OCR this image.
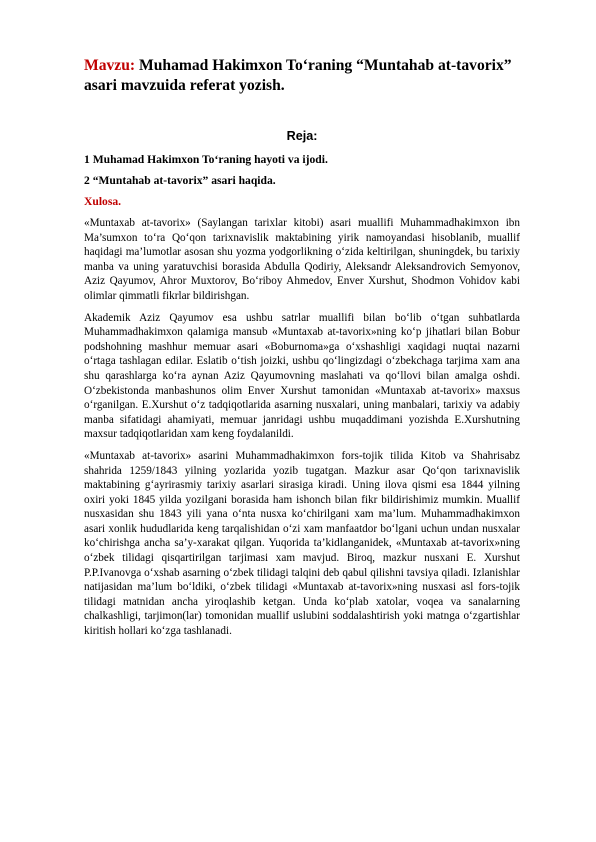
Mavzu: Muhamad Hakimxon To‘raning “Muntahab at-tavorix” asari mavzuida referat yozish.

Reja:
1 Muhamad Hakimxon To‘raning hayoti va ijodi.
2 “Muntahab at-tavorix” asari haqida.
Xulosa.

«Muntaxab at-tavorix» (Saylangan tarixlar kitobi) asari muallifi Muhammadhakimxon ibn Ma’sumxon to‘ra Qo‘qon tarixnavislik maktabining yirik namoyandasi hisoblanib, muallif haqidagi ma’lumotlar asosan shu yozma yodgorlikning o‘zida keltirilgan, shuningdek, bu tarixiy manba va uning yaratuvchisi borasida Abdulla Qodiriy, Aleksandr Aleksandrovich Semyonov, Aziz Qayumov, Ahror Muxtorov, Bo‘riboy Ahmedov, Enver Xurshut, Shodmon Vohidov kabi olimlar qimmatli fikrlar bildirishgan.

Akademik Aziz Qayumov esa ushbu satrlar muallifi bilan bo‘lib o‘tgan suhbatlarda Muhammadhakimxon qalamiga mansub «Muntaxab at-tavorix»ning ko‘p jihatlari bilan Bobur podshohning mashhur memuar asari «Boburnoma»ga o‘xshashligi xaqidagi nuqtai nazarni o‘rtaga tashlagan edilar. Eslatib o‘tish joizki, ushbu qo‘lingizdagi o‘zbekchaga tarjima xam ana shu qarashlarga ko‘ra aynan Aziz Qayumovning maslahati va qo‘llovi bilan amalga oshdi. O‘zbekistonda manbashunos olim Enver Xurshut tamonidan «Muntaxab at-tavorix» maxsus o‘rganilgan. E.Xurshut o‘z tadqiqotlarida asarning nusxalari, uning manbalari, tarixiy va adabiy manba sifatidagi ahamiyati, memuar janridagi ushbu muqaddimani yozishda E.Xurshutning maxsur tadqiqotlaridan xam keng foydalanildi.

«Muntaxab at-tavorix» asarini Muhammadhakimxon fors-tojik tilida Kitob va Shahrisabz shahrida 1259/1843 yilning yozlarida yozib tugatgan. Mazkur asar Qo‘qon tarixnavislik maktabining g‘ayrirasmiy tarixiy asarlari sirasiga kiradi. Uning ilova qismi esa 1844 yilning oxiri yoki 1845 yilda yozilgani borasida ham ishonch bilan fikr bildirishimiz mumkin. Muallif nusxasidan shu 1843 yili yana o‘nta nusxa ko‘chirilgani xam ma’lum. Muhammadhakimxon asari xonlik hududlarida keng tarqalishidan o‘zi xam manfaatdor bo‘lgani uchun undan nusxalar ko‘chirishga ancha sa’y-xarakat qilgan. Yuqorida ta’kidlanganidek, «Muntaxab at-tavorix»ning o‘zbek tilidagi qisqartirilgan tarjimasi xam mavjud. Biroq, mazkur nusxani E. Xurshut P.P.Ivanovga o‘xshab asarning o‘zbek tilidagi talqini deb qabul qilishni tavsiya qiladi. Izlanishlar natijasidan ma’lum bo‘ldiki, o‘zbek tilidagi «Muntaxab at-tavorix»ning nusxasi asl fors-tojik tilidagi matnidan ancha yiroqlashib ketgan. Unda ko‘plab xatolar, voqea va sanalarning chalkashligi, tarjimon(lar) tomonidan muallif uslubini soddalashtirish yoki matnga o‘zgartishlar kiritish hollari ko‘zga tashlanadi.
